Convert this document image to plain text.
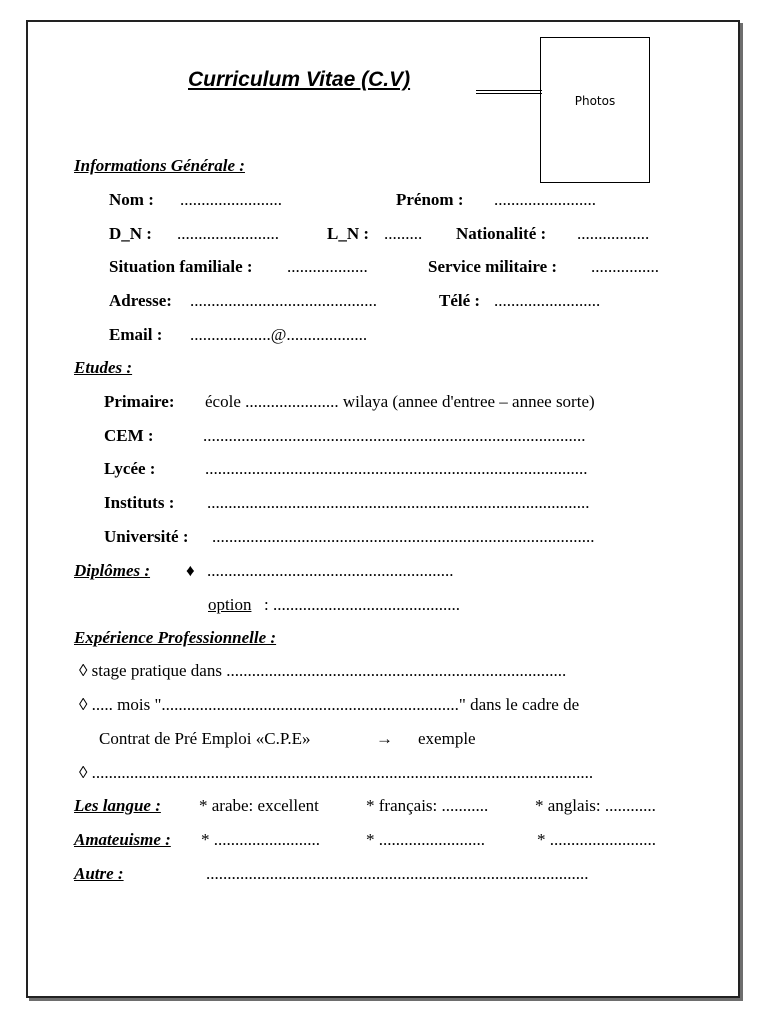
Curriculum Vitae (C.V)
Photos
Informations Générale :
Nom : ........................	Prénom : ........................
D_N : ........................	L_N : ......... Nationalité : .................
Situation familiale : ...................	Service militaire : ................
Adresse: ............................................	Télé : .........................
Email : ...................@...................
Etudes :
Primaire: école ...................... wilaya (annee d'entree – annee sorte)
CEM :	..........................................................................................
Lycée :	..........................................................................................
Instituts : ..........................................................................................
Université : ..........................................................................................
Diplômes : ♦ ..........................................................
option : ............................................
Expérience Professionnelle :
◊ stage pratique dans ................................................................................
◊ ..... mois "......................................................................" dans le cadre de
Contrat de Pré Emploi «C.P.E»	→ exemple
◊ ......................................................................................................................
Les langue : * arabe: excellent	* français: ...........	* anglais: ............
Amateuisme : * .........................	* .........................	* .........................
Autre :	..........................................................................................
